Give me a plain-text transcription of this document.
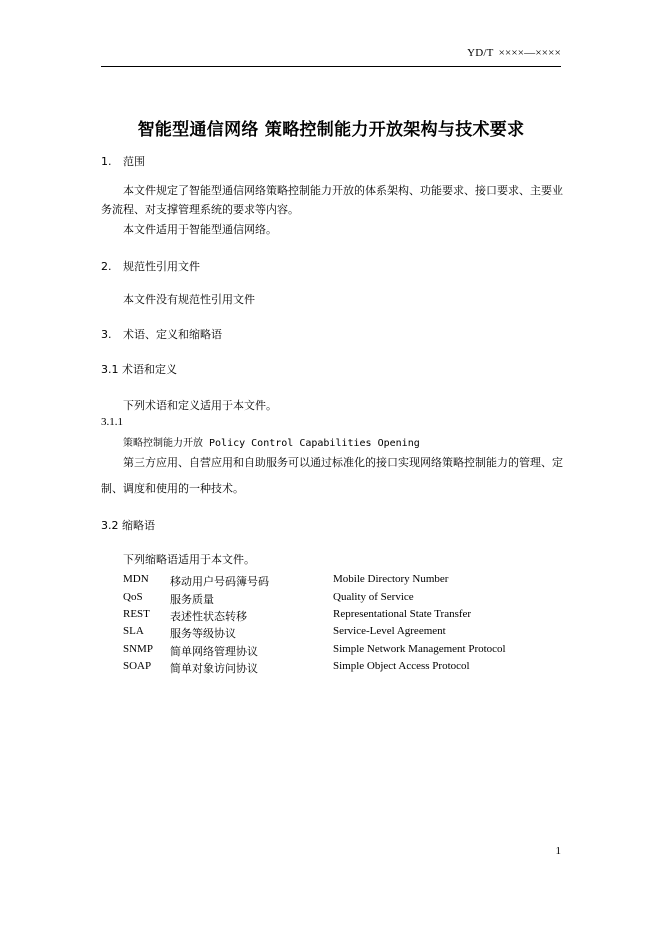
YD/T ××××—××××
智能型通信网络 策略控制能力开放架构与技术要求
1. 范围
本文件规定了智能型通信网络策略控制能力开放的体系架构、功能要求、接口要求、主要业务流程、对支撑管理系统的要求等内容。
本文件适用于智能型通信网络。
2. 规范性引用文件
本文件没有规范性引用文件
3. 术语、定义和缩略语
3.1 术语和定义
下列术语和定义适用于本文件。
3.1.1
策略控制能力开放 Policy Control Capabilities Opening
第三方应用、自营应用和自助服务可以通过标准化的接口实现网络策略控制能力的管理、定制、调度和使用的一种技术。
3.2 缩略语
下列缩略语适用于本文件。
MDN 移动用户号码簿号码	Mobile Directory Number
QoS 服务质量	Quality of Service
REST 表述性状态转移	Representational State Transfer
SLA 服务等级协议	Service-Level Agreement
SNMP 简单网络管理协议	Simple Network Management Protocol
SOAP 简单对象访问协议	Simple Object Access Protocol
1
